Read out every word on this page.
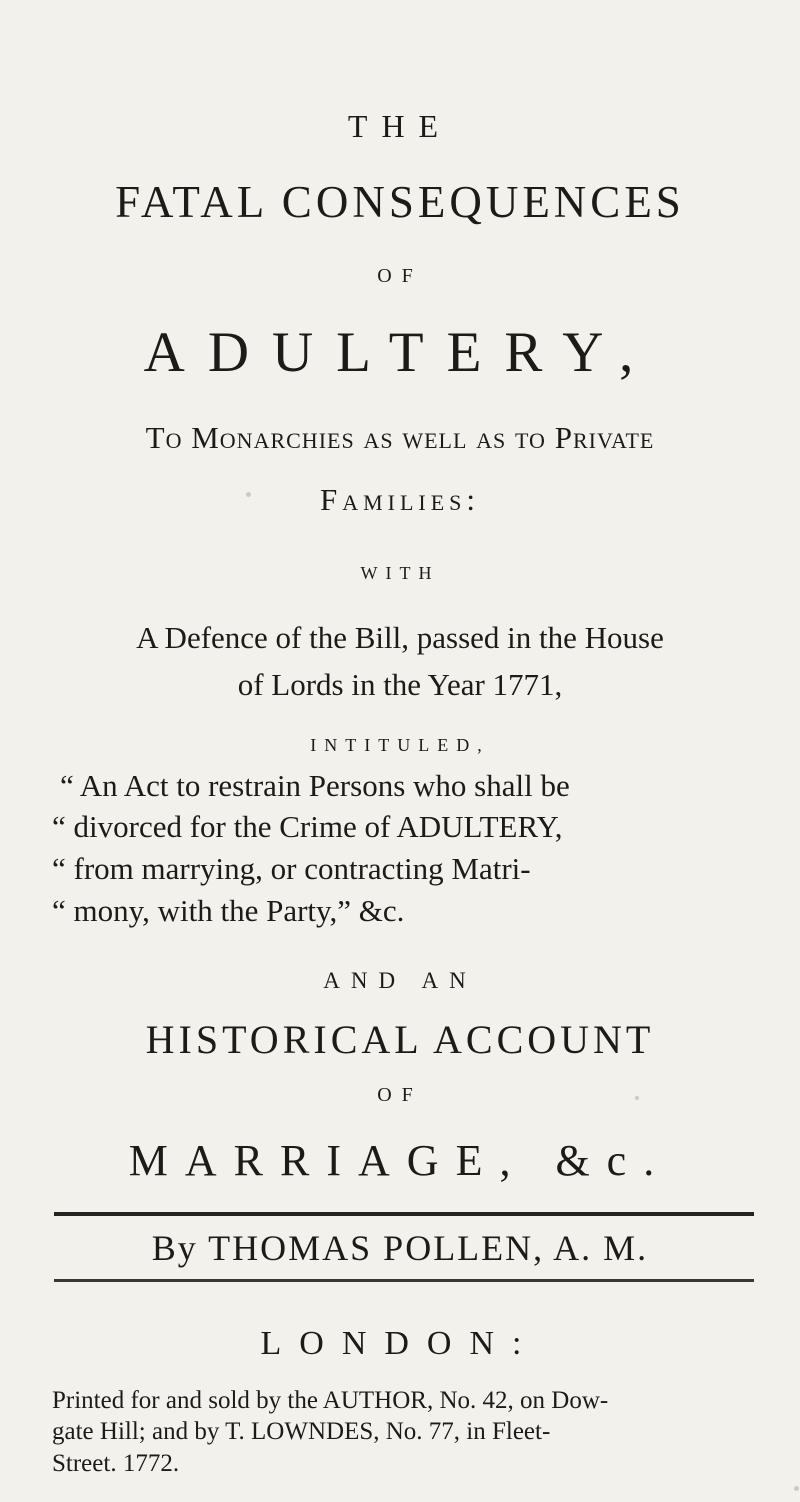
THE
FATAL CONSEQUENCES
OF
ADULTERY,
To Monarchies as well as to Private
Families:
WITH
A Defence of the Bill, passed in the House
of Lords in the Year 1771,
INTITULED,
“ An Act to restrain Persons who shall be
“ divorced for the Crime of ADULTERY,
“ from marrying, or contracting Matri-
“ mony, with the Party,” &c.
AND AN
HISTORICAL ACCOUNT
OF
MARRIAGE, &c.
By THOMAS POLLEN, A. M.
LONDON:
Printed for and sold by the AUTHOR, No. 42, on Dow-
gate Hill; and by T. LOWNDES, No. 77, in Fleet-
Street. 1772.
